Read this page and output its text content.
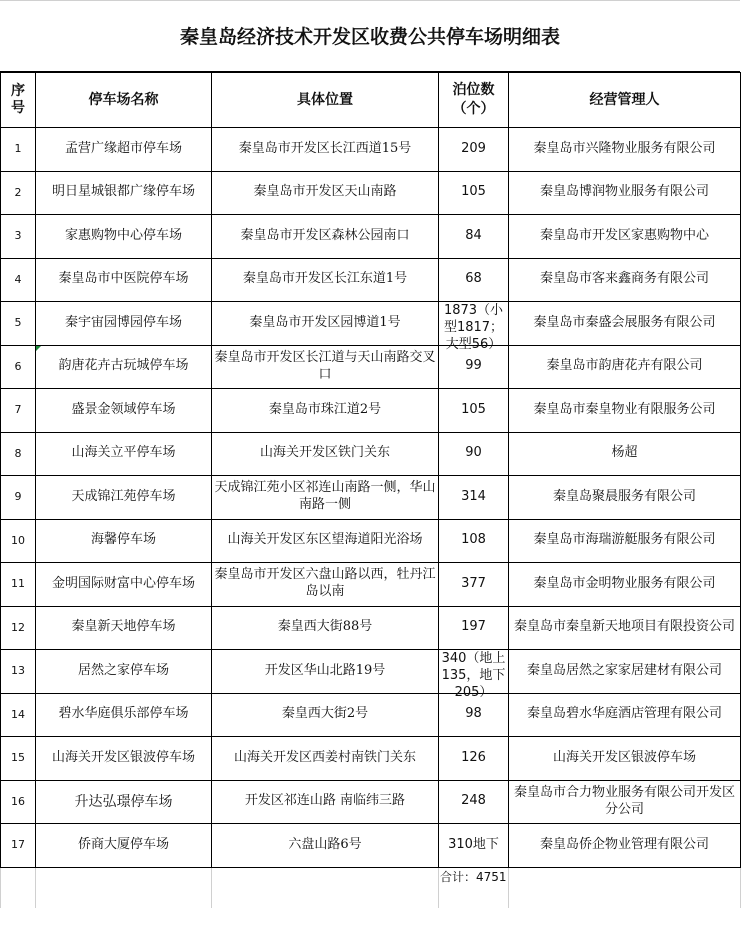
秦皇岛经济技术开发区收费公共停车场明细表
序号	停车场名称	具体位置	泊位数（个）	经营管理人
1	孟营广缘超市停车场	秦皇岛市开发区长江西道15号	209	秦皇岛市兴隆物业服务有限公司
2	明日星城银都广缘停车场	秦皇岛市开发区天山南路	105	秦皇岛博润物业服务有限公司
3	家惠购物中心停车场	秦皇岛市开发区森林公园南口	84	秦皇岛市开发区家惠购物中心
4	秦皇岛市中医院停车场	秦皇岛市开发区长江东道1号	68	秦皇岛市客来鑫商务有限公司
5	秦宇宙园博园停车场	秦皇岛市开发区园博道1号	1873（小型1817；大型56）	秦皇岛市秦盛会展服务有限公司
6	韵唐花卉古玩城停车场	秦皇岛市开发区长江道与天山南路交叉口	99	秦皇岛市韵唐花卉有限公司
7	盛景金领域停车场	秦皇岛市珠江道2号	105	秦皇岛市秦皇物业有限服务公司
8	山海关立平停车场	山海关开发区铁门关东	90	杨超
9	天成锦江苑停车场	天成锦江苑小区祁连山南路一侧，华山南路一侧	314	秦皇岛聚晨服务有限公司
10	海馨停车场	山海关开发区东区望海道阳光浴场	108	秦皇岛市海瑞游艇服务有限公司
11	金明国际财富中心停车场	秦皇岛市开发区六盘山路以西，牡丹江岛以南	377	秦皇岛市金明物业服务有限公司
12	秦皇新天地停车场	秦皇西大街88号	197	秦皇岛市秦皇新天地项目有限投资公司
13	居然之家停车场	开发区华山北路19号	340（地上135，地下205）	秦皇岛居然之家家居建材有限公司
14	碧水华庭俱乐部停车场	秦皇西大街2号	98	秦皇岛碧水华庭酒店管理有限公司
15	山海关开发区银波停车场	山海关开发区西姜村南铁门关东	126	山海关开发区银波停车场
16	升达弘璟停车场	开发区祁连山路 南临纬三路	248	秦皇岛市合力物业服务有限公司开发区分公司
17	侨商大厦停车场	六盘山路6号	310地下	秦皇岛侨企物业管理有限公司
			合计：4751	
